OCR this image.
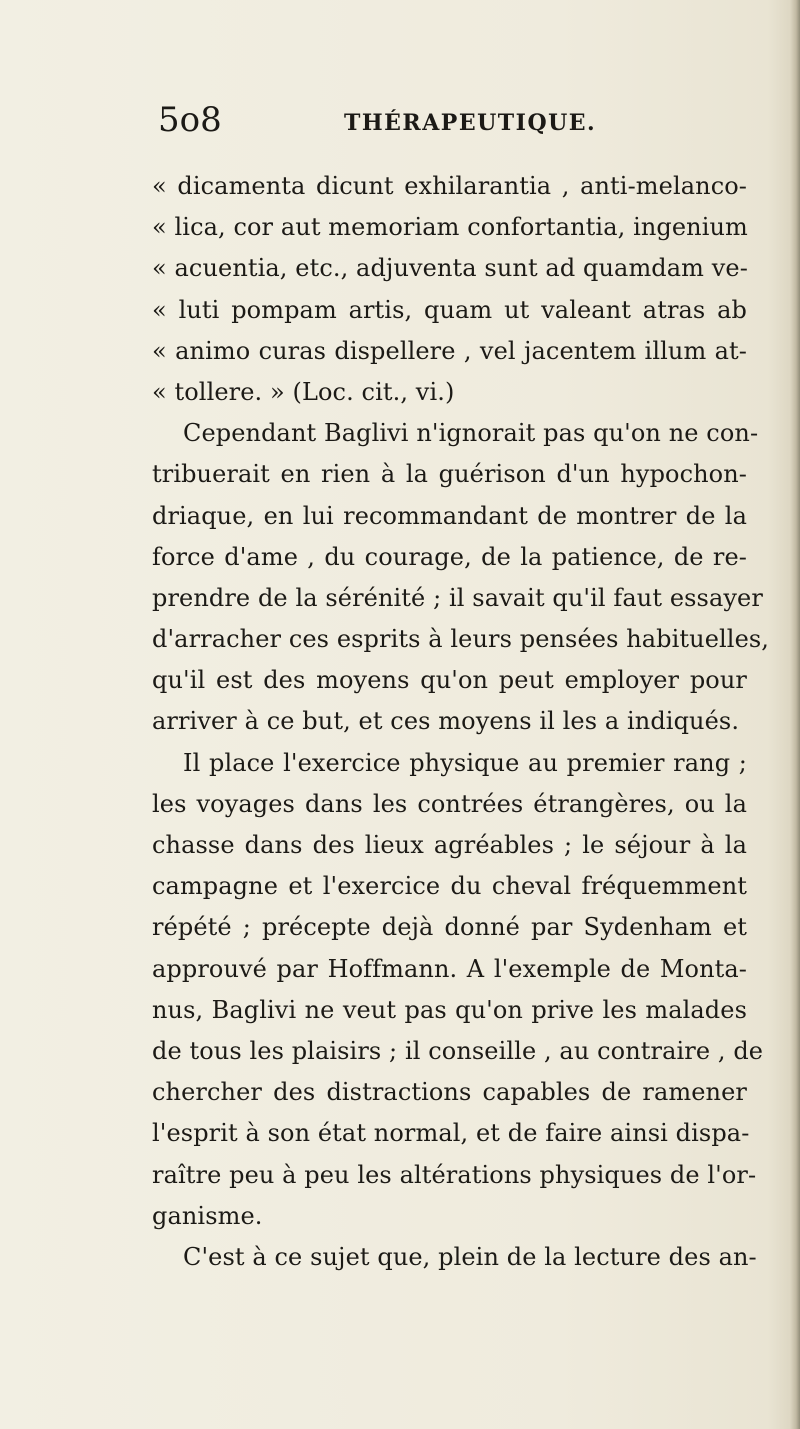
5o8	THÉRAPEUTIQUE.
« dicamenta dicunt exhilarantia , anti-melanco-
« lica, cor aut memoriam confortantia, ingenium
« acuentia, etc., adjuventa sunt ad quamdam ve-
« luti pompam artis, quam ut valeant atras ab
« animo curas dispellere , vel jacentem illum at-
« tollere. » (Loc. cit., vi.)
Cependant Baglivi n'ignorait pas qu'on ne con-
tribuerait en rien à la guérison d'un hypochon-
driaque, en lui recommandant de montrer de la
force d'ame , du courage, de la patience, de re-
prendre de la sérénité ; il savait qu'il faut essayer
d'arracher ces esprits à leurs pensées habituelles,
qu'il est des moyens qu'on peut employer pour
arriver à ce but, et ces moyens il les a indiqués.
Il place l'exercice physique au premier rang ;
les voyages dans les contrées étrangères, ou la
chasse dans des lieux agréables ; le séjour à la
campagne et l'exercice du cheval fréquemment
répété ; précepte dejà donné par Sydenham et
approuvé par Hoffmann. A l'exemple de Monta-
nus, Baglivi ne veut pas qu'on prive les malades
de tous les plaisirs ; il conseille , au contraire , de
chercher des distractions capables de ramener
l'esprit à son état normal, et de faire ainsi dispa-
raître peu à peu les altérations physiques de l'or-
ganisme.
C'est à ce sujet que, plein de la lecture des an-
